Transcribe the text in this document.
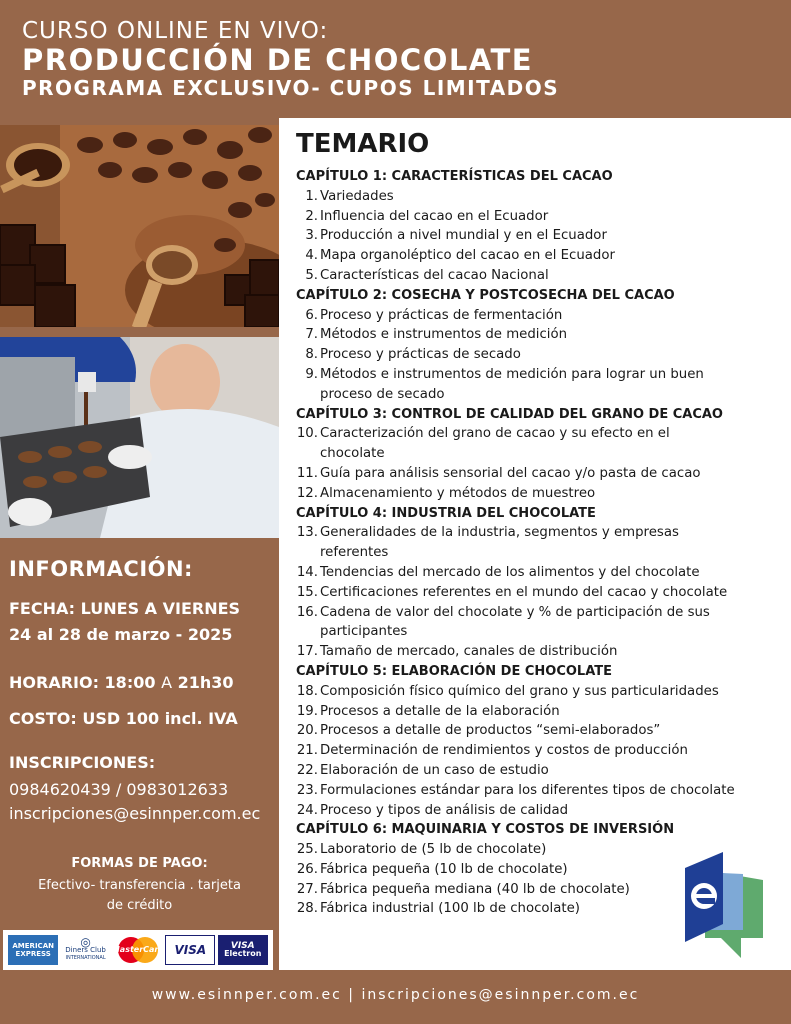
CURSO ONLINE EN VIVO:
PRODUCCIÓN DE CHOCOLATE
PROGRAMA EXCLUSIVO- CUPOS LIMITADOS
INFORMACIÓN:
FECHA: LUNES A VIERNES
24 al 28 de marzo - 2025
HORARIO: 18:00 A 21h30
COSTO: USD 100 incl. IVA
INSCRIPCIONES:
0984620439 / 0983012633
inscripciones@esinnper.com.ec
FORMAS DE PAGO:
Efectivo- transferencia . tarjeta
de crédito
AMERICAN
EXPRESS
◎
Diners Club
INTERNATIONAL
MasterCard VISA	VISA
Electron
TEMARIO
CAPÍTULO 1: CARACTERÍSTICAS DEL CACAO
1. Variedades
2. Influencia del cacao en el Ecuador
3. Producción a nivel mundial y en el Ecuador
4. Mapa organoléptico del cacao en el Ecuador
5. Características del cacao Nacional
CAPÍTULO 2: COSECHA Y POSTCOSECHA DEL CACAO
6. Proceso y prácticas de fermentación
7. Métodos e instrumentos de medición
8. Proceso y prácticas de secado
9. Métodos e instrumentos de medición para lograr un buen proceso de secado
CAPÍTULO 3: CONTROL DE CALIDAD DEL GRANO DE CACAO
10. Caracterización del grano de cacao y su efecto en el chocolate
11. Guía para análisis sensorial del cacao y/o pasta de cacao
12. Almacenamiento y métodos de muestreo
CAPÍTULO 4: INDUSTRIA DEL CHOCOLATE
13. Generalidades de la industria, segmentos y empresas referentes
14. Tendencias del mercado de los alimentos y del chocolate
15. Certificaciones referentes en el mundo del cacao y chocolate
16. Cadena de valor del chocolate y % de participación de sus participantes
17. Tamaño de mercado, canales de distribución
CAPÍTULO 5: ELABORACIÓN DE CHOCOLATE
18. Composición físico químico del grano y sus particularidades
19. Procesos a detalle de la elaboración
20. Procesos a detalle de productos “semi-elaborados”
21. Determinación de rendimientos y costos de producción
22. Elaboración de un caso de estudio
23. Formulaciones estándar para los diferentes tipos de chocolate
24. Proceso y tipos de análisis de calidad
CAPÍTULO 6: MAQUINARIA Y COSTOS DE INVERSIÓN
25. Laboratorio de (5 lb de chocolate)
26. Fábrica pequeña (10 lb de chocolate)
27. Fábrica pequeña mediana (40 lb de chocolate)
28. Fábrica industrial (100 lb de chocolate)
www.esinnper.com.ec | inscripciones@esinnper.com.ec
